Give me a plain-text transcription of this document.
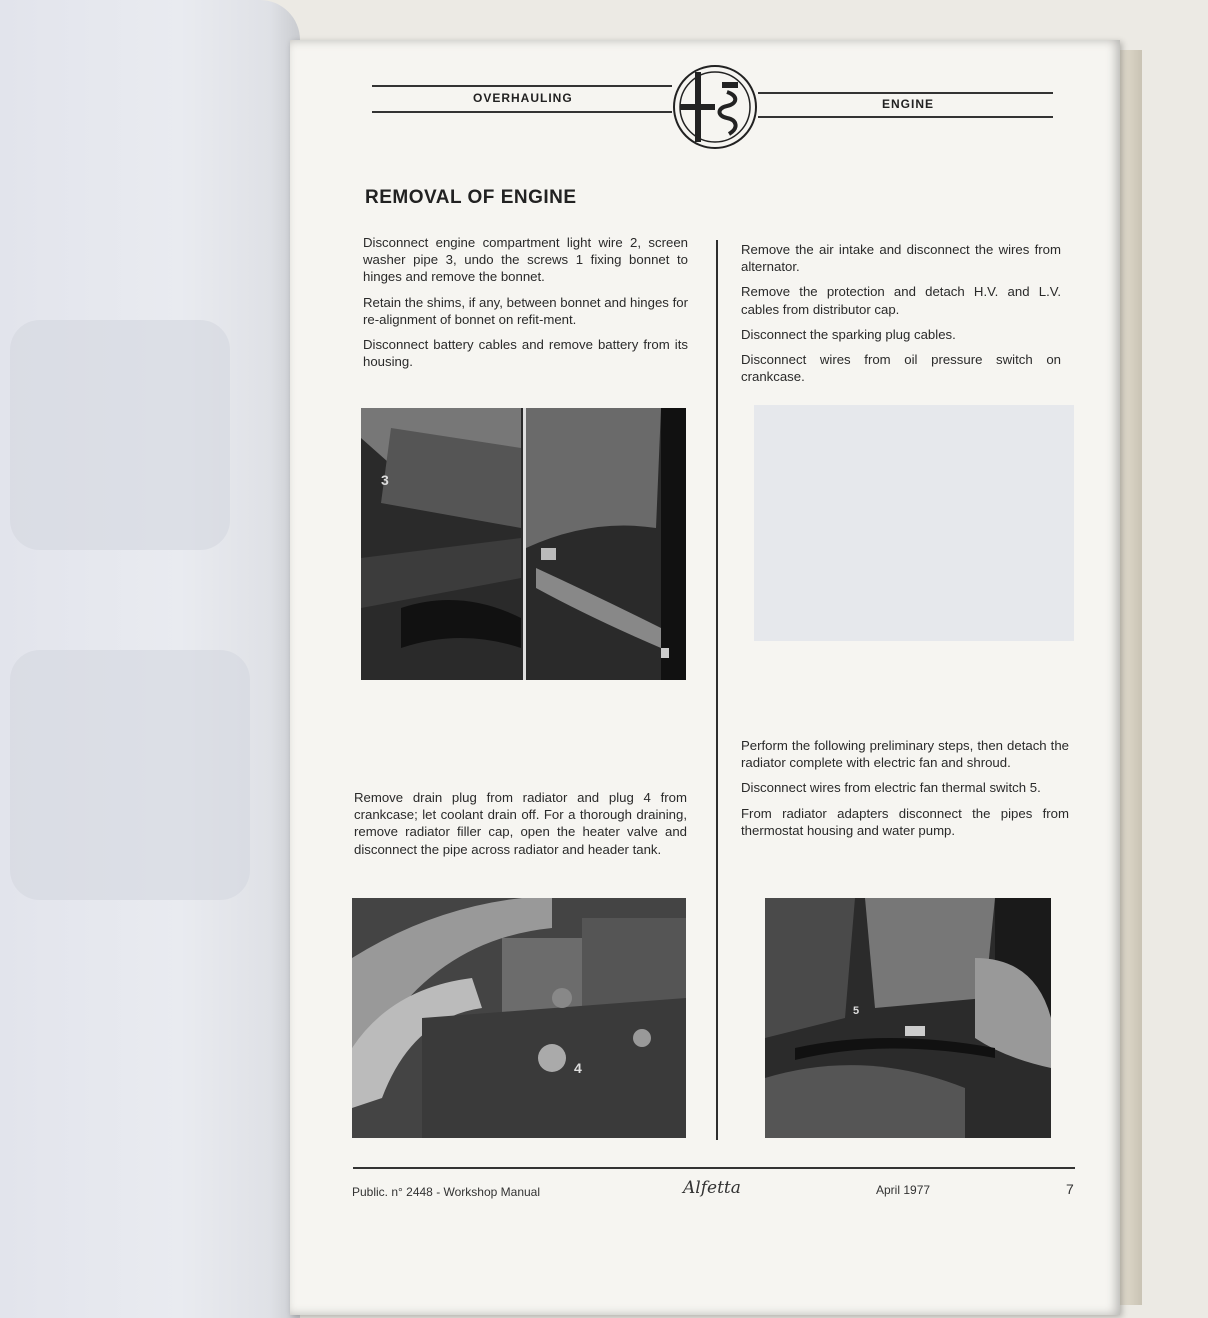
OVERHAULING	ENGINE
REMOVAL OF ENGINE

Disconnect engine compartment light wire 2, screen washer pipe 3, undo the screws 1 fixing bonnet to hinges and remove the bonnet.

Retain the shims, if any, between bonnet and hinges for re-alignment of bonnet on refit-ment.

Disconnect battery cables and remove battery from its housing.

Remove the air intake and disconnect the wires from alternator.

Remove the protection and detach H.V. and L.V. cables from distributor cap.

Disconnect the sparking plug cables.

Disconnect wires from oil pressure switch on crankcase.

3

Perform the following preliminary steps, then detach the radiator complete with electric fan and shroud.

Disconnect wires from electric fan thermal switch 5.

From radiator adapters disconnect the pipes from thermostat housing and water pump.

Remove drain plug from radiator and plug 4 from crankcase; let coolant drain off. For a thorough draining, remove radiator filler cap, open the heater valve and disconnect the pipe across radiator and header tank.

4
5
Public. n° 2448 - Workshop Manual	Alfetta	April 1977	7
